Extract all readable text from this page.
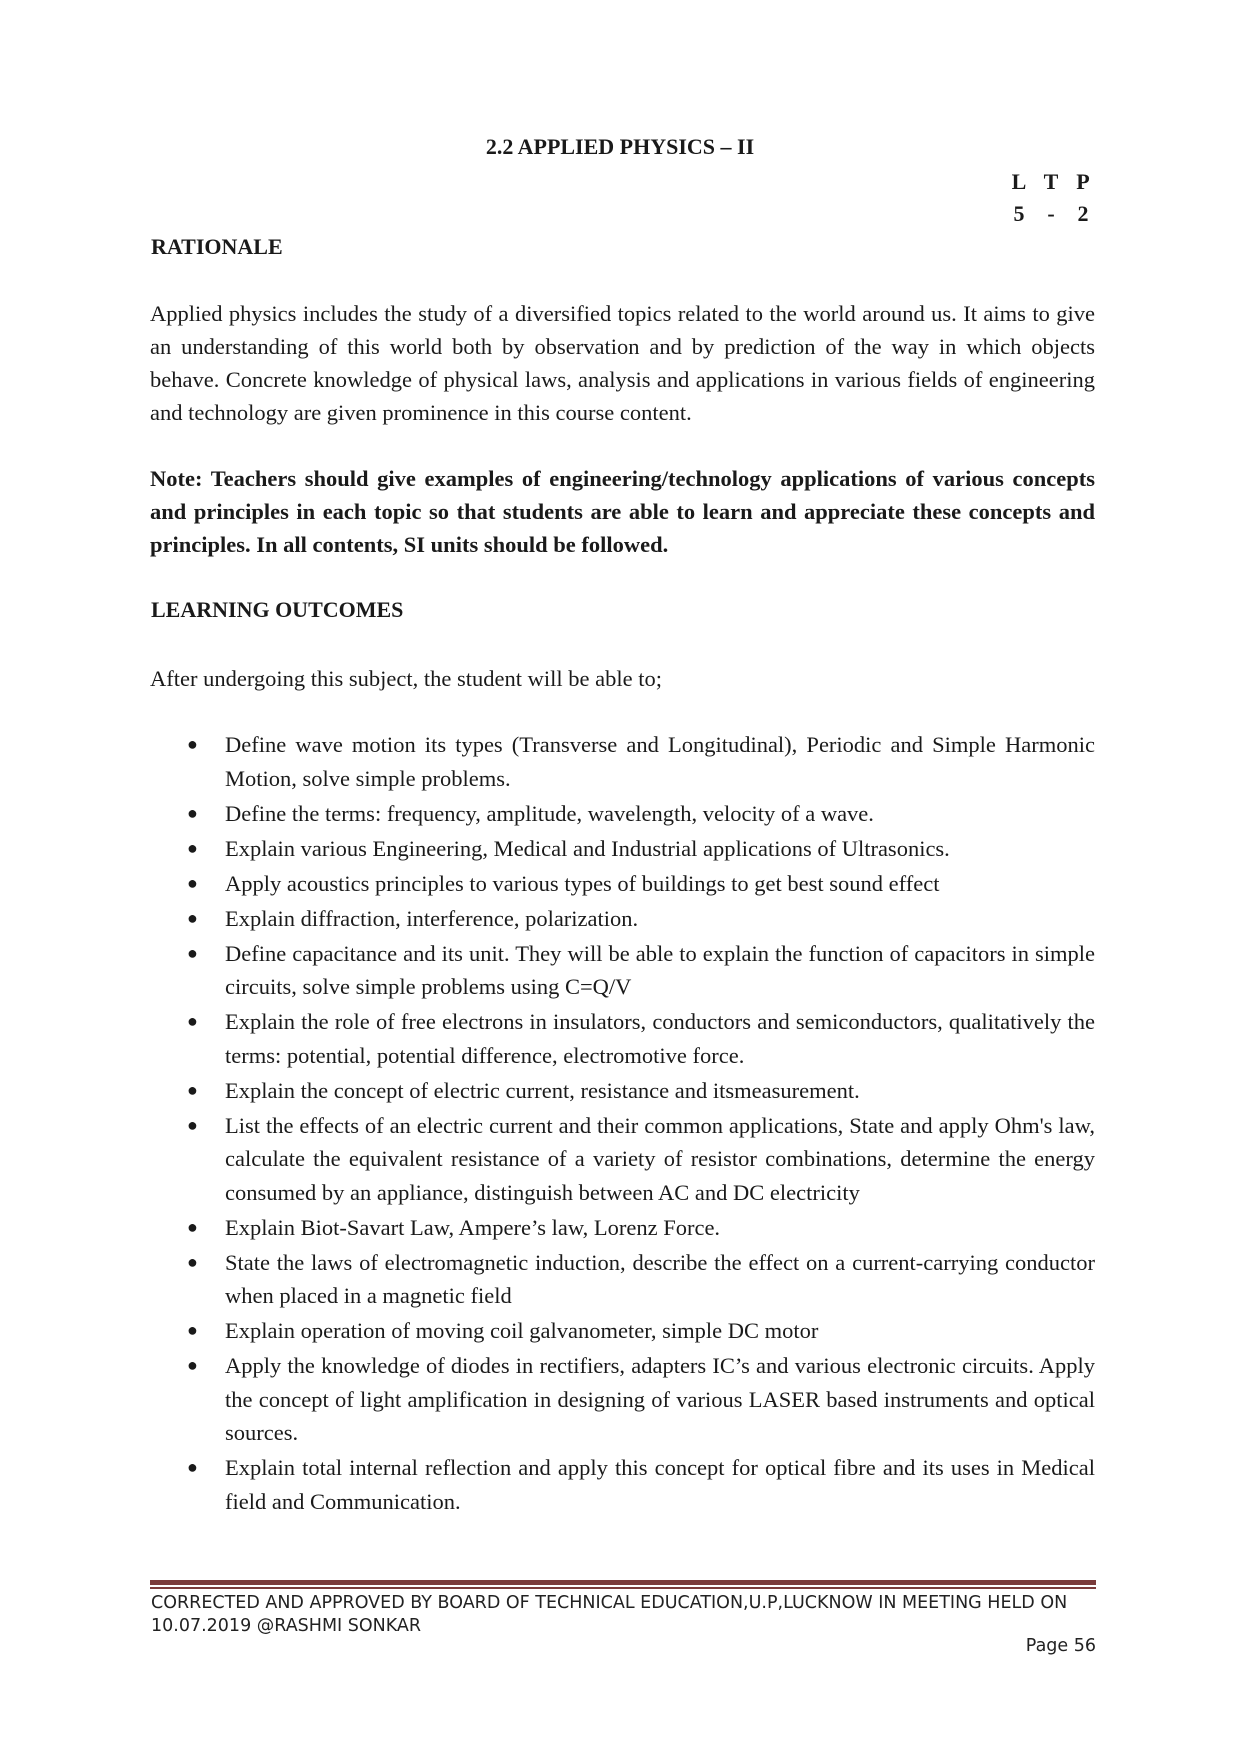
2.2 APPLIED PHYSICS – II
L T P
5	-	2
RATIONALE

Applied physics includes the study of a diversified topics related to the world around us. It aims to give an understanding of this world both by observation and by prediction of the way in which objects behave. Concrete knowledge of physical laws, analysis and applications in various fields of engineering and technology are given prominence in this course content.

Note: Teachers should give examples of engineering/technology applications of various concepts and principles in each topic so that students are able to learn and appreciate these concepts and principles. In all contents, SI units should be followed.

LEARNING OUTCOMES

After undergoing this subject, the student will be able to;

● Define wave motion its types (Transverse and Longitudinal), Periodic and Simple Harmonic Motion, solve simple problems.
● Define the terms: frequency, amplitude, wavelength, velocity of a wave.
● Explain various Engineering, Medical and Industrial applications of Ultrasonics.
● Apply acoustics principles to various types of buildings to get best sound effect
● Explain diffraction, interference, polarization.
● Define capacitance and its unit. They will be able to explain the function of capacitors in simple circuits, solve simple problems using C=Q/V
● Explain the role of free electrons in insulators, conductors and semiconductors, qualitatively the terms: potential, potential difference, electromotive force.
● Explain the concept of electric current, resistance and itsmeasurement.
● List the effects of an electric current and their common applications, State and apply Ohm's law, calculate the equivalent resistance of a variety of resistor combinations, determine the energy consumed by an appliance, distinguish between AC and DC electricity
● Explain Biot-Savart Law, Ampere’s law, Lorenz Force.
● State the laws of electromagnetic induction, describe the effect on a current-carrying conductor when placed in a magnetic field
● Explain operation of moving coil galvanometer, simple DC motor
● Apply the knowledge of diodes in rectifiers, adapters IC’s and various electronic circuits. Apply the concept of light amplification in designing of various LASER based instruments and optical sources.
● Explain total internal reflection and apply this concept for optical fibre and its uses in Medical field and Communication.
CORRECTED AND APPROVED BY BOARD OF TECHNICAL EDUCATION,U.P,LUCKNOW IN MEETING HELD ON 10.07.2019 @RASHMI SONKAR
Page 56
